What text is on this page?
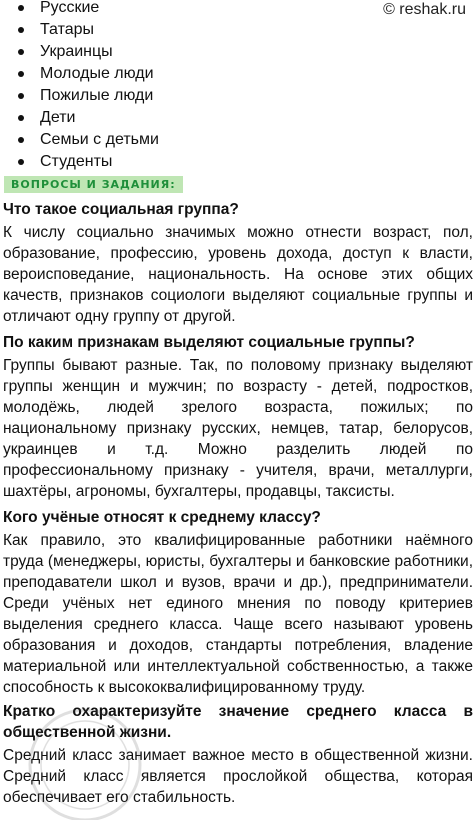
© reshak.ru
Русские
Татары
Украинцы
Молодые люди
Пожилые люди
Дети
Семьи с детьми
Студенты
ВОПРОСЫ И ЗАДАНИЯ:

Что такое социальная группа?

К числу социально значимых можно отнести возраст, пол, образование, профессию, уровень дохода, доступ к власти, вероисповедание, национальность. На основе этих общих качеств, признаков социологи выделяют социальные группы и отличают одну группу от другой.

По каким признакам выделяют социальные группы?

Группы бывают разные. Так, по половому признаку выделяют группы женщин и мужчин; по возрасту - детей, подростков, молодёжь, людей зрелого возраста, пожилых; по национальному признаку русских, немцев, татар, белорусов, украинцев и т.д. Можно разделить людей по профессиональному признаку - учителя, врачи, металлурги, шахтёры, агрономы, бухгалтеры, продавцы, таксисты.

Кого учёные относят к среднему классу?

Как правило, это квалифицированные работники наёмного труда (менеджеры, юристы, бухгалтеры и банковские работники, преподаватели школ и вузов, врачи и др.), предприниматели. Среди учёных нет единого мнения по поводу критериев выделения среднего класса. Чаще всего называют уровень образования и доходов, стандарты потребления, владение материальной или интеллектуальной собственностью, а также способность к высококвалифицированному труду.

Кратко охарактеризуйте значение среднего класса в общественной жизни.

Средний класс занимает важное место в общественной жизни. Средний класс является прослойкой общества, которая обеспечивает его стабильность.
